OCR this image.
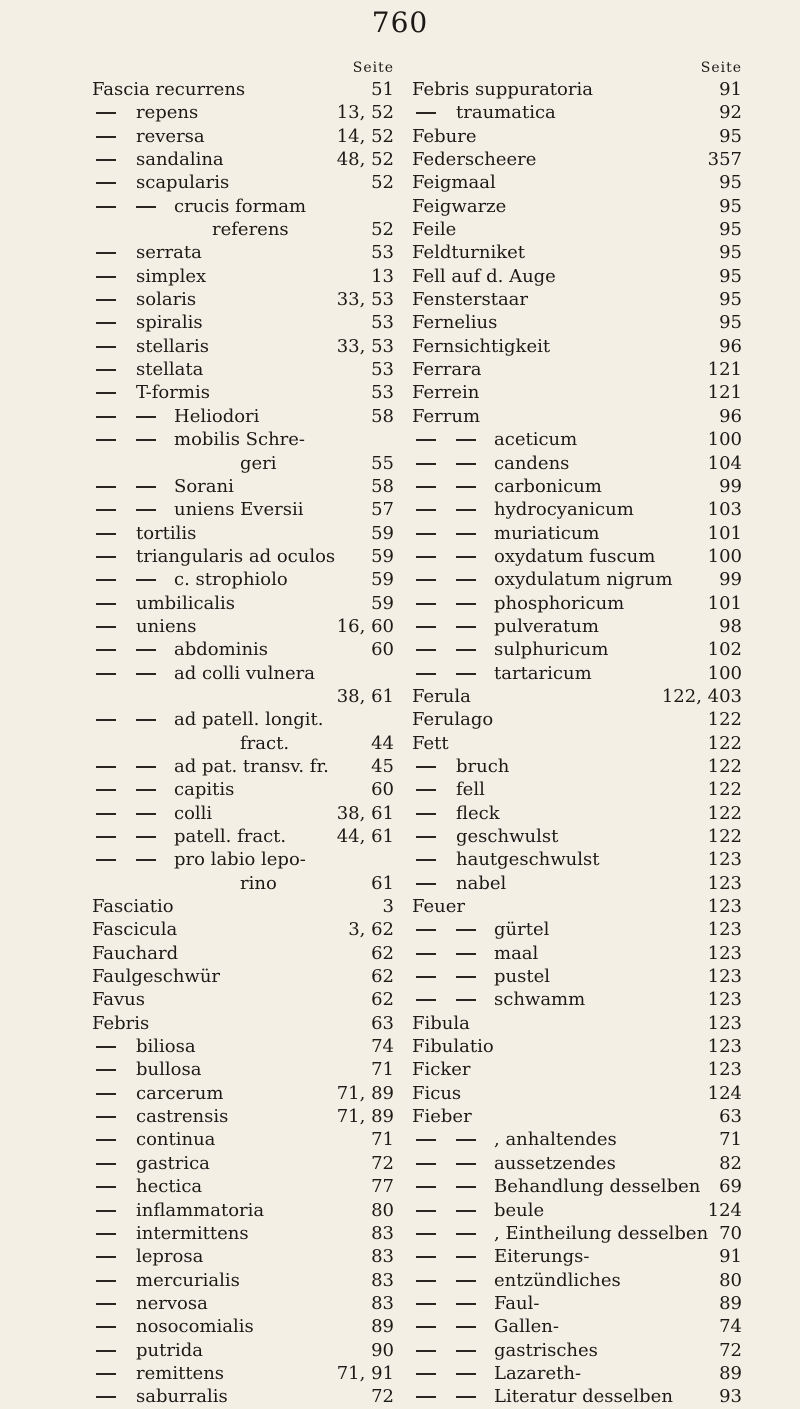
760
Seite
Fascia recurrens	51
repens	13, 52
reversa	14, 52
sandalina	48, 52
scapularis	52
crucis formam
referens	52
serrata	53
simplex	13
solaris	33, 53
spiralis	53
stellaris	33, 53
stellata	53
T-formis	53
Heliodori	58
mobilis Schre-
geri	55
Sorani	58
uniens Eversii	57
tortilis	59
triangularis ad oculos 59
c. strophiolo	59
umbilicalis	59
uniens	16, 60
abdominis	60
ad colli vulnera
38, 61
ad patell. longit.
fract.	44
ad pat. transv. fr. 45
capitis	60
colli	38, 61
patell. fract.	44, 61
pro labio lepo-
rino	61
Fasciatio	3
Fascicula	3, 62
Fauchard	62
Faulgeschwür	62
Favus	62
Febris	63
biliosa	74
bullosa	71
carcerum	71, 89
castrensis	71, 89
continua	71
gastrica	72
hectica	77
inflammatoria	80
intermittens	83
leprosa	83
mercurialis	83
nervosa	83
nosocomialis	89
putrida	90
remittens	71, 91
saburralis	72
Seite
Febris suppuratoria	91
traumatica	92
Febure	95
Federscheere	357
Feigmaal	95
Feigwarze	95
Feile	95
Feldturniket	95
Fell auf d. Auge	95
Fensterstaar	95
Fernelius	95
Fernsichtigkeit	96
Ferrara	121
Ferrein	121
Ferrum	96
aceticum	100
candens	104
carbonicum	99
hydrocyanicum	103
muriaticum	101
oxydatum fuscum	100
oxydulatum nigrum	99
phosphoricum	101
pulveratum	98
sulphuricum	102
tartaricum	100
Ferula	122, 403
Ferulago	122
Fett	122
bruch	122
fell	122
fleck	122
geschwulst	122
hautgeschwulst	123
nabel	123
Feuer	123
gürtel	123
maal	123
pustel	123
schwamm	123
Fibula	123
Fibulatio	123
Ficker	123
Ficus	124
Fieber	63
, anhaltendes	71
aussetzendes	82
Behandlung desselben 69
beule	124
, Eintheilung desselben 70
Eiterungs-	91
entzündliches	80
Faul-	89
Gallen-	74
gastrisches	72
Lazareth-	89
Literatur desselben	93
